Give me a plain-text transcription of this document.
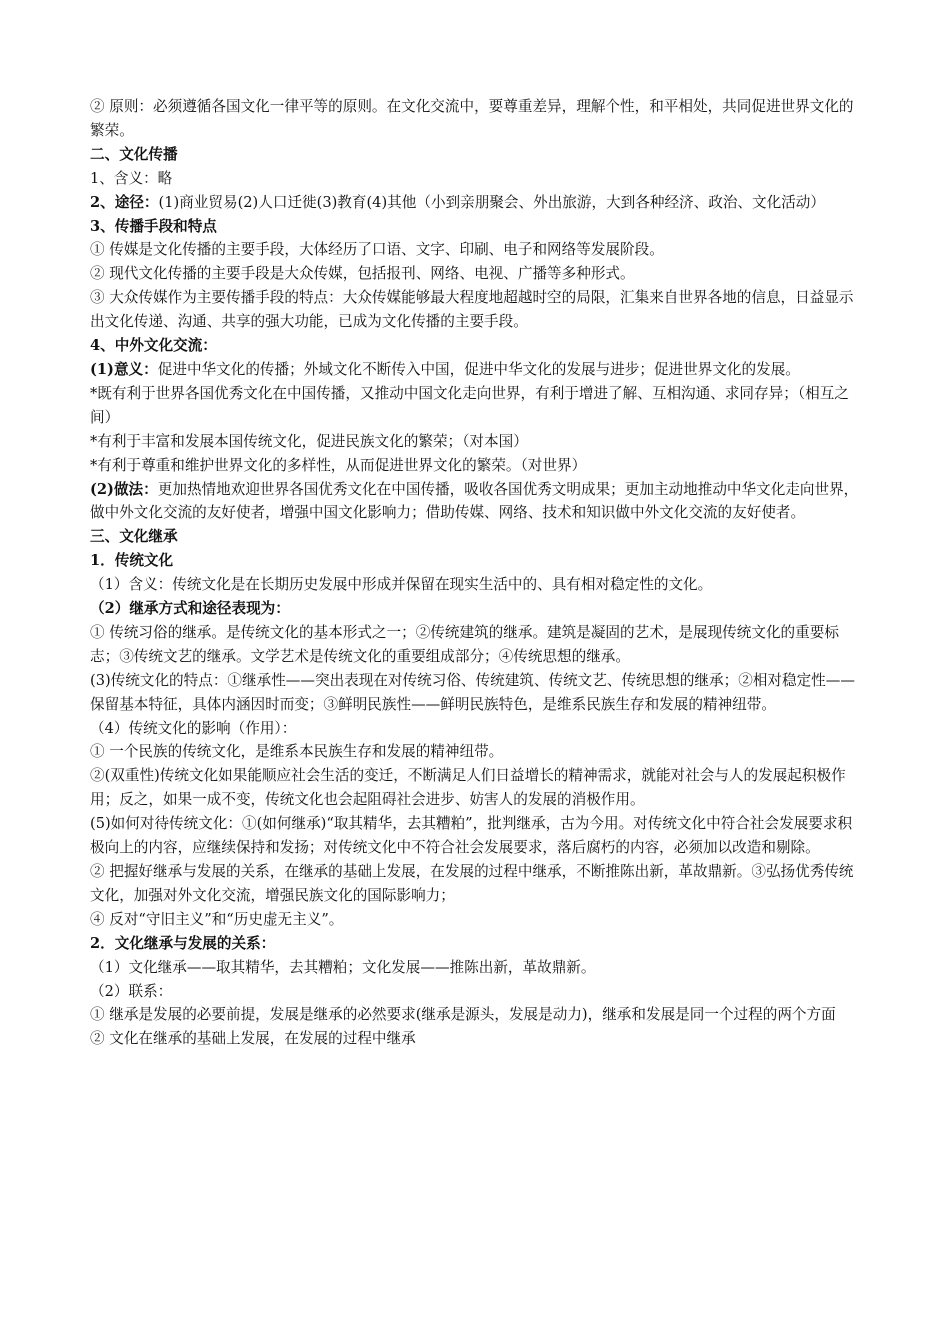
② 原则：必须遵循各国文化一律平等的原则。在文化交流中，要尊重差异，理解个性，和平相处，共同促进世界文化的繁荣。

二、文化传播

1、含义：略

2、途径：(1)商业贸易(2)人口迁徙(3)教育(4)其他（小到亲朋聚会、外出旅游，大到各种经济、政治、文化活动）

3、传播手段和特点

① 传媒是文化传播的主要手段，大体经历了口语、文字、印刷、电子和网络等发展阶段。

② 现代文化传播的主要手段是大众传媒，包括报刊、网络、电视、广播等多种形式。

③ 大众传媒作为主要传播手段的特点：大众传媒能够最大程度地超越时空的局限，汇集来自世界各地的信息，日益显示出文化传递、沟通、共享的强大功能，已成为文化传播的主要手段。

4、中外文化交流：

(1)意义：促进中华文化的传播；外域文化不断传入中国，促进中华文化的发展与进步；促进世界文化的发展。

*既有利于世界各国优秀文化在中国传播，又推动中国文化走向世界，有利于增进了解、互相沟通、求同存异；（相互之间）

*有利于丰富和发展本国传统文化，促进民族文化的繁荣；（对本国）

*有利于尊重和维护世界文化的多样性，从而促进世界文化的繁荣。（对世界）

(2)做法：更加热情地欢迎世界各国优秀文化在中国传播，吸收各国优秀文明成果；更加主动地推动中华文化走向世界，做中外文化交流的友好使者，增强中国文化影响力；借助传媒、网络、技术和知识做中外文化交流的友好使者。

三、文化继承

1．传统文化

（1）含义：传统文化是在长期历史发展中形成并保留在现实生活中的、具有相对稳定性的文化。

（2）继承方式和途径表现为：

① 传统习俗的继承。是传统文化的基本形式之一；②传统建筑的继承。建筑是凝固的艺术，是展现传统文化的重要标志；③传统文艺的继承。文学艺术是传统文化的重要组成部分；④传统思想的继承。

(3)传统文化的特点：①继承性——突出表现在对传统习俗、传统建筑、传统文艺、传统思想的继承；②相对稳定性——保留基本特征，具体内涵因时而变；③鲜明民族性——鲜明民族特色，是维系民族生存和发展的精神纽带。

（4）传统文化的影响（作用）：

① 一个民族的传统文化，是维系本民族生存和发展的精神纽带。

②(双重性)传统文化如果能顺应社会生活的变迁，不断满足人们日益增长的精神需求，就能对社会与人的发展起积极作用；反之，如果一成不变，传统文化也会起阻碍社会进步、妨害人的发展的消极作用。

(5)如何对待传统文化：①(如何继承)“取其精华，去其糟粕”，批判继承，古为今用。对传统文化中符合社会发展要求积极向上的内容，应继续保持和发扬；对传统文化中不符合社会发展要求，落后腐朽的内容，必须加以改造和剔除。

② 把握好继承与发展的关系，在继承的基础上发展，在发展的过程中继承，不断推陈出新，革故鼎新。③弘扬优秀传统文化，加强对外文化交流，增强民族文化的国际影响力；

④ 反对“守旧主义”和“历史虚无主义”。

2．文化继承与发展的关系：

（1）文化继承——取其精华，去其糟粕；文化发展——推陈出新，革故鼎新。

（2）联系：

① 继承是发展的必要前提，发展是继承的必然要求(继承是源头，发展是动力)，继承和发展是同一个过程的两个方面

② 文化在继承的基础上发展，在发展的过程中继承
